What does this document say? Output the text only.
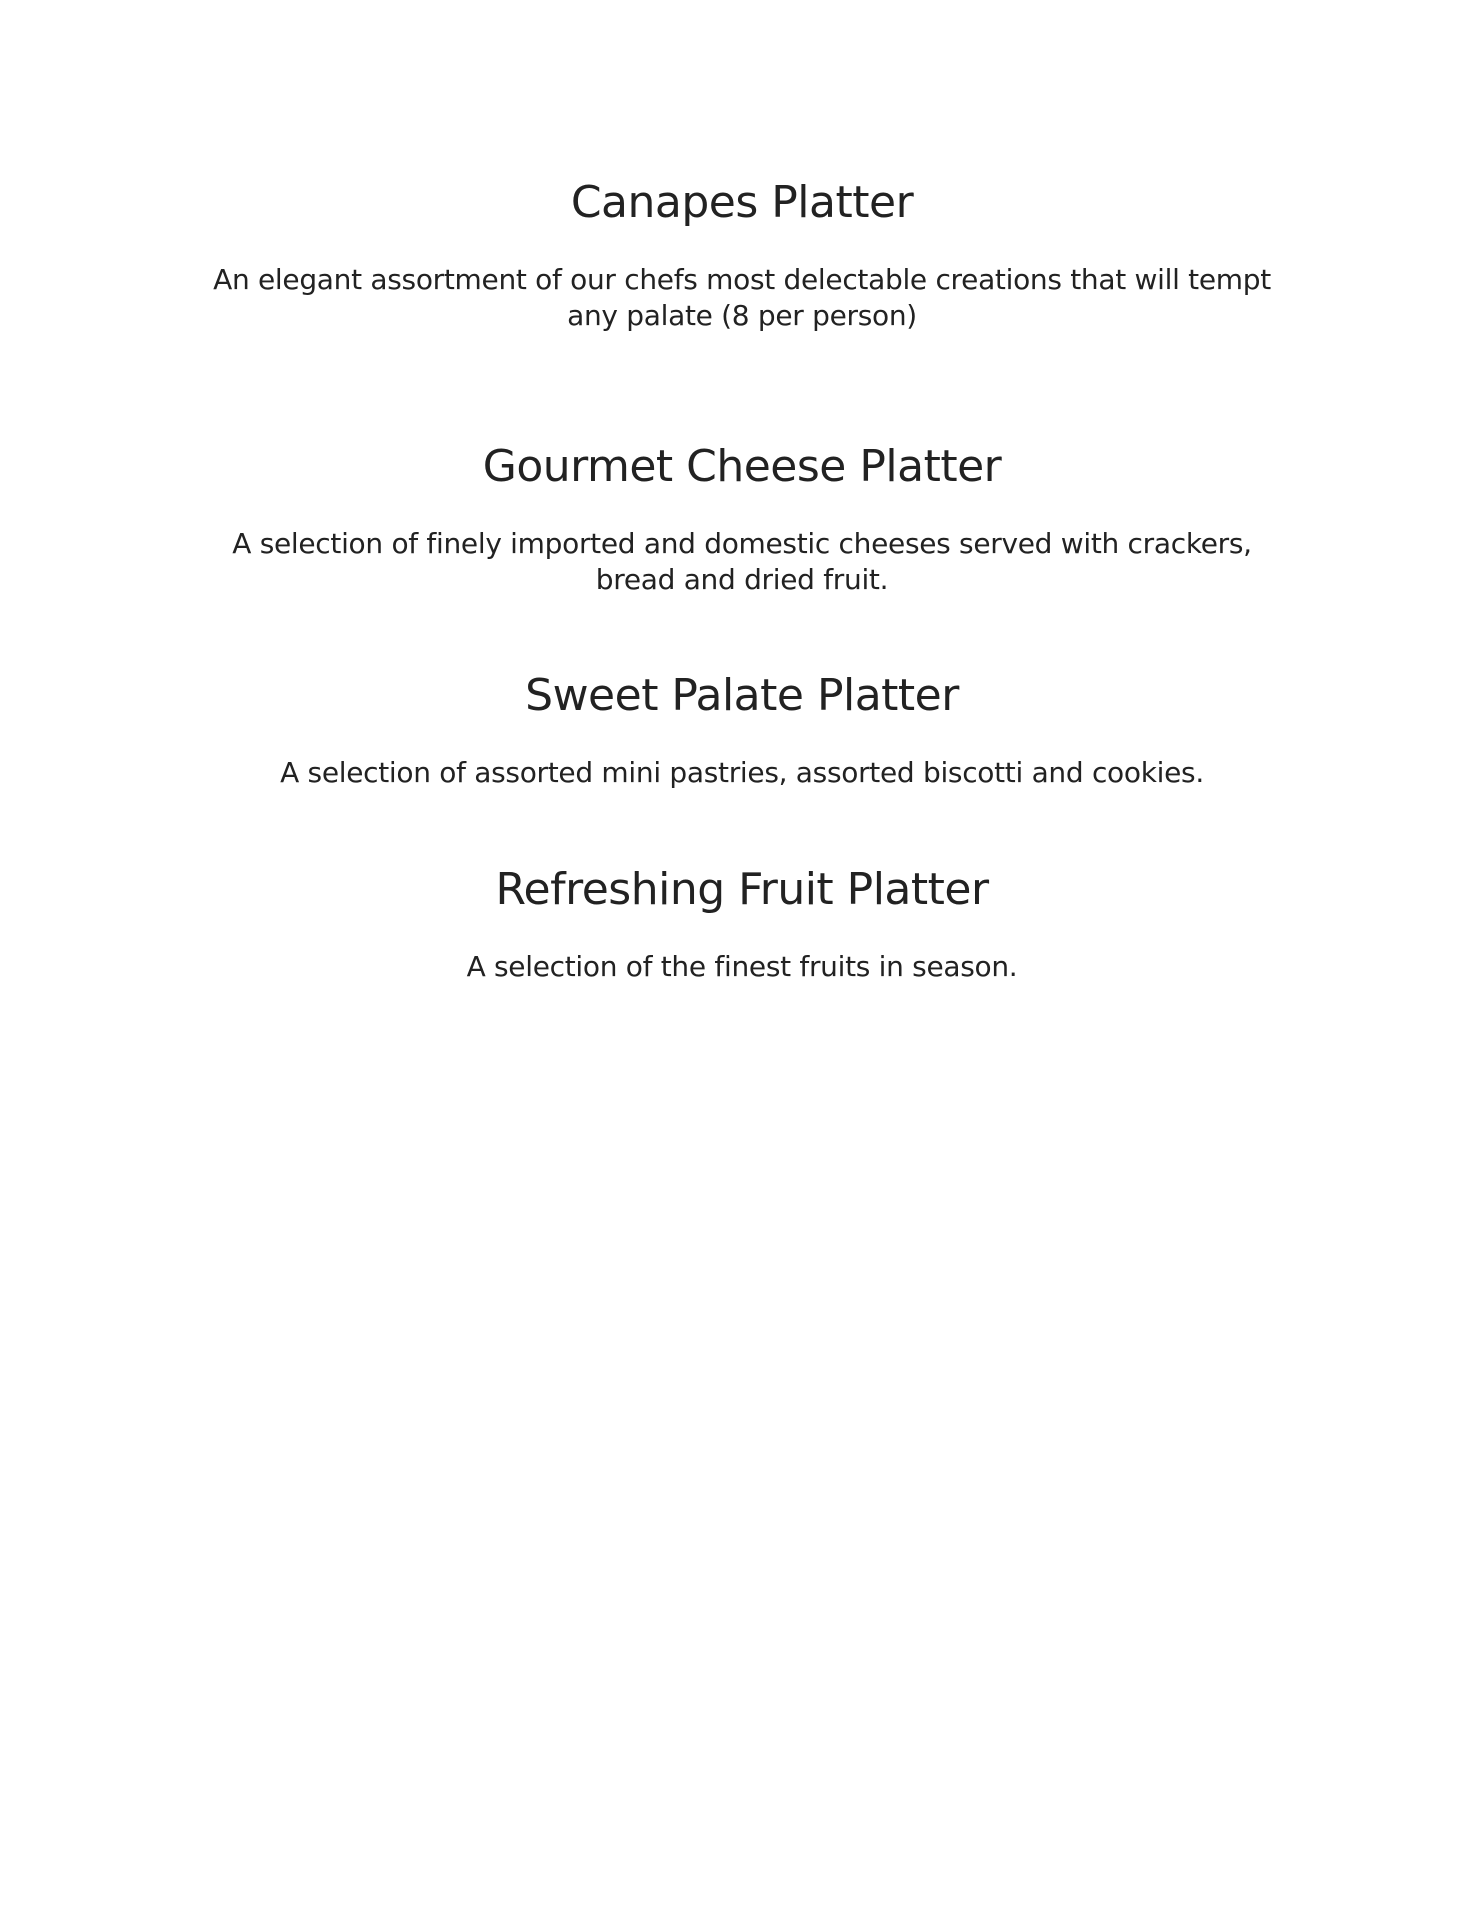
Canapes Platter

An elegant assortment of our chefs most delectable creations that will tempt any palate (8 per person)

Gourmet Cheese Platter

A selection of finely imported and domestic cheeses served with crackers, bread and dried fruit.

Sweet Palate Platter

A selection of assorted mini pastries, assorted biscotti and cookies.

Refreshing Fruit Platter

A selection of the finest fruits in season.
